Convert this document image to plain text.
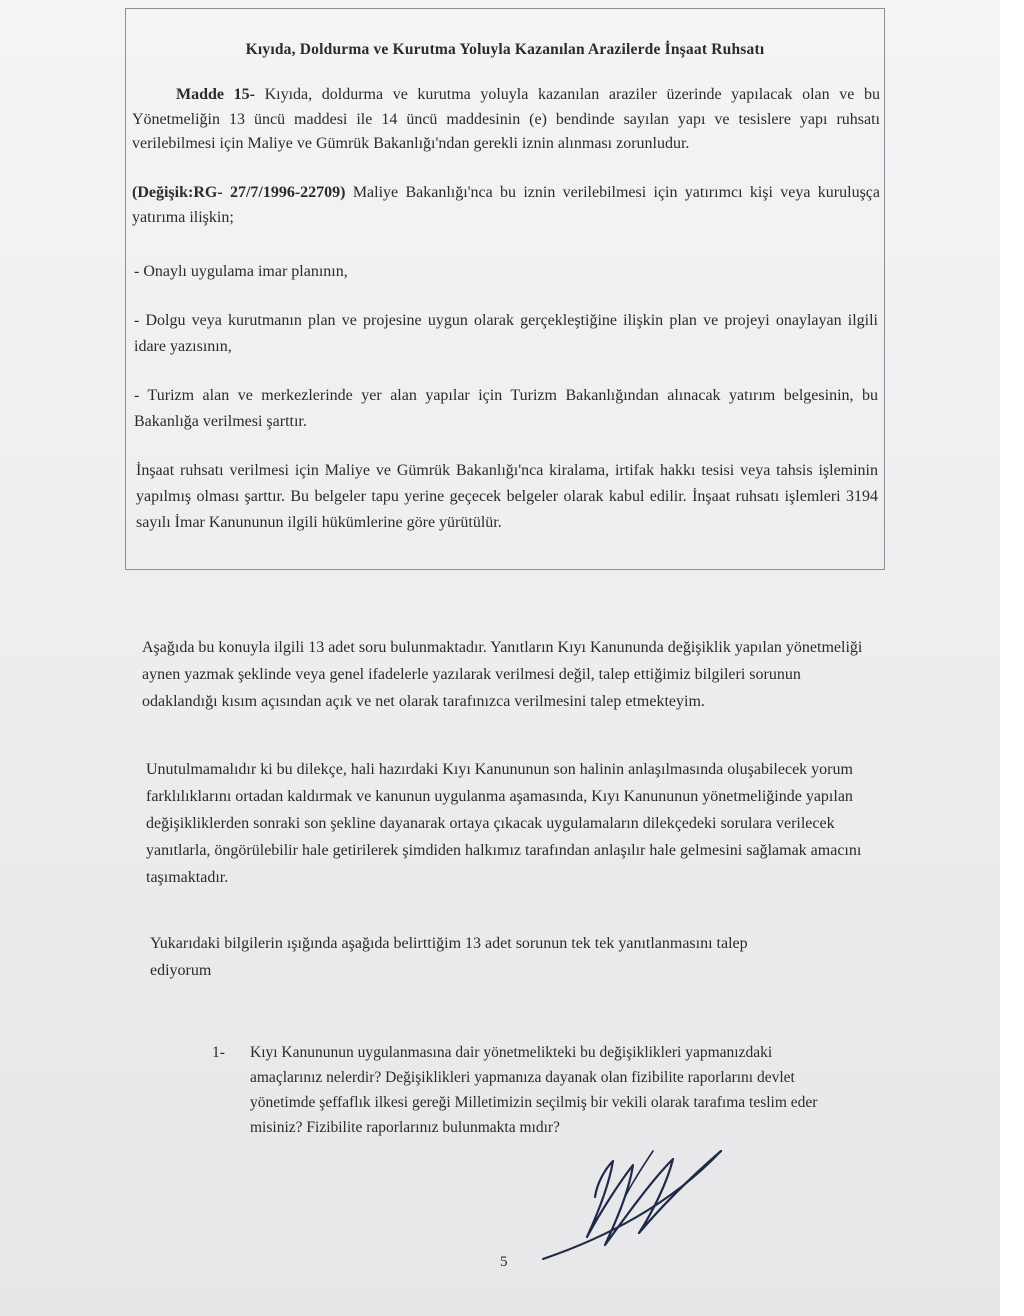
Kıyıda, Doldurma ve Kurutma Yoluyla Kazanılan Arazilerde İnşaat Ruhsatı
Madde 15- Kıyıda, doldurma ve kurutma yoluyla kazanılan araziler üzerinde yapılacak olan ve bu Yönetmeliğin 13 üncü maddesi ile 14 üncü maddesinin (e) bendinde sayılan yapı ve tesislere yapı ruhsatı verilebilmesi için Maliye ve Gümrük Bakanlığı'ndan gerekli iznin alınması zorunludur.
(Değişik:RG- 27/7/1996-22709) Maliye Bakanlığı'nca bu iznin verilebilmesi için yatırımcı kişi veya kuruluşça yatırıma ilişkin;
- Onaylı uygulama imar planının,
- Dolgu veya kurutmanın plan ve projesine uygun olarak gerçekleştiğine ilişkin plan ve projeyi onaylayan ilgili idare yazısının,
- Turizm alan ve merkezlerinde yer alan yapılar için Turizm Bakanlığından alınacak yatırım belgesinin, bu Bakanlığa verilmesi şarttır.
İnşaat ruhsatı verilmesi için Maliye ve Gümrük Bakanlığı'nca kiralama, irtifak hakkı tesisi veya tahsis işleminin yapılmış olması şarttır. Bu belgeler tapu yerine geçecek belgeler olarak kabul edilir. İnşaat ruhsatı işlemleri 3194 sayılı İmar Kanununun ilgili hükümlerine göre yürütülür.
Aşağıda bu konuyla ilgili 13 adet soru bulunmaktadır. Yanıtların Kıyı Kanununda değişiklik yapılan yönetmeliği aynen yazmak şeklinde veya genel ifadelerle yazılarak verilmesi değil, talep ettiğimiz bilgileri sorunun odaklandığı kısım açısından açık ve net olarak tarafınızca verilmesini talep etmekteyim.
Unutulmamalıdır ki bu dilekçe, hali hazırdaki Kıyı Kanununun son halinin anlaşılmasında oluşabilecek yorum farklılıklarını ortadan kaldırmak ve kanunun uygulanma aşamasında, Kıyı Kanununun yönetmeliğinde yapılan değişikliklerden sonraki son şekline dayanarak ortaya çıkacak uygulamaların dilekçedeki sorulara verilecek yanıtlarla, öngörülebilir hale getirilerek şimdiden halkımız tarafından anlaşılır hale gelmesini sağlamak amacını taşımaktadır.
Yukarıdaki bilgilerin ışığında aşağıda belirttiğim 13 adet sorunun tek tek yanıtlanmasını talep ediyorum
1- Kıyı Kanununun uygulanmasına dair yönetmelikteki bu değişiklikleri yapmanızdaki amaçlarınız nelerdir? Değişiklikleri yapmanıza dayanak olan fizibilite raporlarını devlet yönetimde şeffaflık ilkesi gereği Milletimizin seçilmiş bir vekili olarak tarafıma teslim eder misiniz? Fizibilite raporlarınız bulunmakta mıdır?
5
